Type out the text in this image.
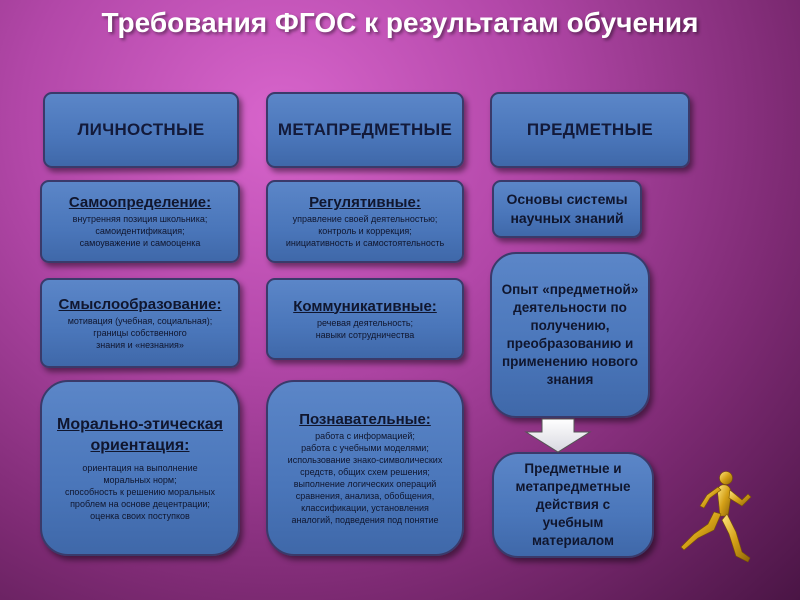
Требования ФГОС к результатам обучения
ЛИЧНОСТНЫЕ	МЕТАПРЕДМЕТНЫЕ	ПРЕДМЕТНЫЕ
Самоопределение:
внутренняя позиция школьника;
самоидентификация;
самоуважение и самооценка
Смыслообразование:
мотивация (учебная, социальная);
границы собственного
знания и «незнания»
Морально-этическая ориентация:
ориентация на выполнение
моральных норм;
способность к решению моральных
проблем на основе децентрации;
оценка своих поступков
Регулятивные:
управление своей деятельностью;
контроль и коррекция;
инициативность и самостоятельность
Коммуникативные:
речевая деятельность;
навыки сотрудничества
Познавательные:
работа с информацией;
работа с учебными моделями;
использование знако-символических
средств, общих схем решения;
выполнение логических операций
сравнения, анализа, обобщения,
классификации, установления
аналогий, подведения под понятие
Основы системы научных знаний
Опыт «предметной» деятельности по получению, преобразованию и применению нового знания
Предметные и метапредметные действия с учебным материалом
